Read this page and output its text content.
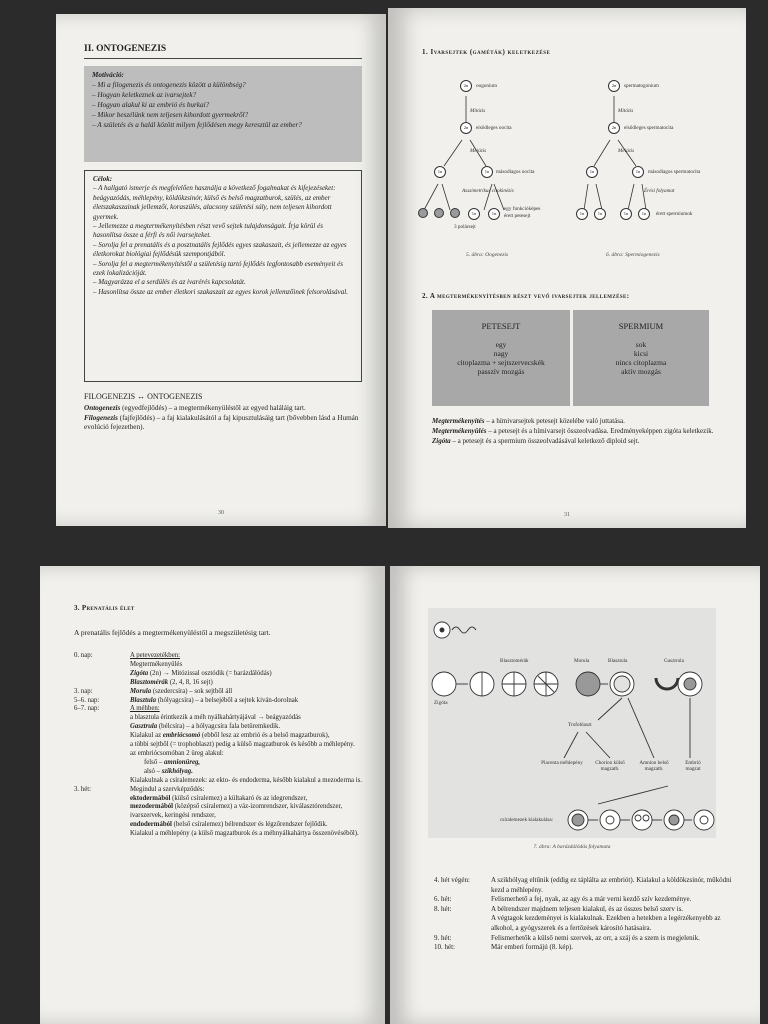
II. ONTOGENEZIS
Motiváció:
– Mi a filogenezis és ontogenezis között a különbség?
– Hogyan keletkeznek az ivarsejtek?
– Hogyan alakul ki az embrió és burkai?
– Mikor beszélünk nem teljesen kihordott gyermekről?
– A születés és a halál között milyen fejlődésen megy keresztül az ember?
Célok:
– A hallgató ismerje és megfelelően használja a következő fogalmakat és kifejezéseket: beágyazódás, méhlepény, köldökzsinór, külső és belső magzatburok, szülés, az ember életszakaszainak jellemzői, koraszülés, alacsony születési súly, nem teljesen kihordott gyermek.
– Jellemezze a megtermékenyítésben részt vevő sejtek tulajdonságait. Írja körül és hasonlítsa össze a férfi és női ivarsejteket.
– Sorolja fel a prenatális és a posztnatális fejlődés egyes szakaszait, és jellemezze az egyes életkorokat biológiai fejlődésük szempontjából.
– Sorolja fel a megtermékenyítéstől a születésig tartó fejlődés legfontosabb eseményeit és ezek lokalizációját.
– Magyarázza el a serdülés és az ivarérés kapcsolatát.
– Hasonlítsa össze az ember életkori szakaszait az egyes korok jellemzőinek felsorolásával.
FILOGENEZIS ↔ ONTOGENEZIS
Ontogenezis (egyedfejlődés) – a megtermékenyüléstől az egyed haláláig tart.
Filogenezis (fajfejlődés) – a faj kialakulásától a faj kipusztulásáig tart (bővebben lásd a Humán evolúció fejezetben).
30
1. Ivarsejtek (gaméták) keletkezése
2n	oogonium
Mitózis
2n	elsődleges oocita
Meiózis
1n	1n	másodlagos oocita
Asszimetrikus citokinézis
1n	1n
egy funkcióképes
érett petesejt
3 polársejt
5. ábra: Oogenezis
2n	spermatogonium
Mitózis
2n	elsődleges spermatocita
Meiózis
1n	1n	másodlagos spermatocita
Érési folyamat
1n	1n	1n	1n	érett spermiumok
6. ábra: Spermiogenezis
2. A megtermékenyítésben részt vevő ivarsejtek jellemzése:
PETESEJT
egy
nagy
citoplazma + sejtszervecskék
passzív mozgás
SPERMIUM
sok
kicsi
nincs citoplazma
aktív mozgás
Megtermékenyítés – a hímivarsejtek petesejt közelébe való juttatása.
Megtermékenyülés – a petesejt és a hímivarsejt összeolvadása. Eredményeképpen zigóta keletkezik.
Zigóta – a petesejt és a spermium összeolvadásával keletkező diploid sejt.
31
3. Prenatális élet
A prenatális fejlődés a megtermékenyüléstől a megszületésig tart.
0. nap:	A petevezetékben:
Megtermékenyülés
Zigóta (2n) → Mitózissal osztódik (= barázdálódás)
Blasztomérák (2, 4, 8, 16 sejt)
3. nap:	Morula (szedercsíra) – sok sejtből áll
5–6. nap:	Blasztula (hólyagcsíra) – a belsejéből a sejtek kiván-dorolnak
6–7. nap:	A méhben:
a blasztula érintkezik a méh nyálkahártyájával → beágyazódás
Gasztrula (bélcsíra) – a hólyagcsíra fala betüremkedik.
Kialakul az embriócsomó (ebből lesz az embrió és a belső magzatburok),
a többi sejtből (= trophoblaszt) pedig a külső magzatburok és később a méhlepény.
az embriócsomóban 2 üreg alakul:
felső – amnionüreg,
alsó – szikhólyag.
Kialakulnak a csíralemezek: az ekto- és endoderma, később kialakul a mezoderma is.
3. hét:	Megindul a szervképződés:
ektodermából (külső csíralemez) a kültakaró és az idegrendszer,
mezodermából (középső csíralemez) a váz-izomrendszer, kiválasztórendszer, ivarszervek, keringési rendszer,
endodermából (belső csíralemez) bélrendszer és légzőrendszer fejlődik.
Kialakul a méhlepény (a külső magzatburok és a méhnyálkahártya összenövéséből).
Zigóta
Blasztomérák	Morula	Blasztula	Gasztrula
Trofoblaszt
Placenta méhlepény	Chorion külső magzatb.
Amnion belső magzatb.
Embrió magzat
csíralemezek kialakulása:
7. ábra: A barázdálódás folyamata
4. hét végén:	A szikhólyag eltűnik (eddig ez táplálta az embriót). Kialakul a köldökzsinór, működni kezd a méhlepény.
6. hét:	Felismerhető a fej, nyak, az agy és a már verni kezdő szív kezdeménye.
8. hét:	A bélrendszer majdnem teljesen kialakul, és az összes belső szerv is.
A végtagok kezdeményei is kialakulnak. Ezekben a hetekben a legérzékenyebb az alkohol, a gyógyszerek és a fertőzések károsító hatásaira.
9. hét:	Felismerhetők a külső nemi szervek, az orr, a száj és a szem is megjelenik.
10. hét:	Már emberi formájú (8. kép).
